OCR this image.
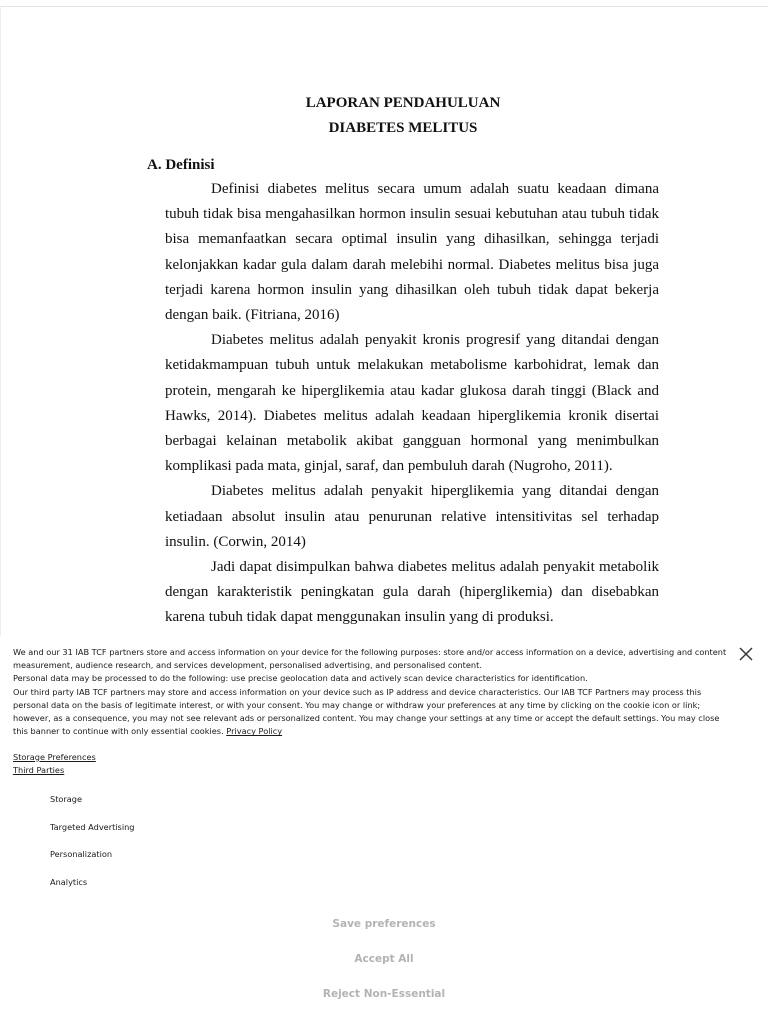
LAPORAN PENDAHULUAN
DIABETES MELITUS
A. Definisi

Definisi diabetes melitus secara umum adalah suatu keadaan dimana tubuh tidak bisa mengahasilkan hormon insulin sesuai kebutuhan atau tubuh tidak bisa memanfaatkan secara optimal insulin yang dihasilkan, sehingga terjadi kelonjakkan kadar gula dalam darah melebihi normal. Diabetes melitus bisa juga terjadi karena hormon insulin yang dihasilkan oleh tubuh tidak dapat bekerja dengan baik. (Fitriana, 2016)

Diabetes melitus adalah penyakit kronis progresif yang ditandai dengan ketidakmampuan tubuh untuk melakukan metabolisme karbohidrat, lemak dan protein, mengarah ke hiperglikemia atau kadar glukosa darah tinggi (Black and Hawks, 2014). Diabetes melitus adalah keadaan hiperglikemia kronik disertai berbagai kelainan metabolik akibat gangguan hormonal yang menimbulkan komplikasi pada mata, ginjal, saraf, dan pembuluh darah (Nugroho, 2011).

Diabetes melitus adalah penyakit hiperglikemia yang ditandai dengan ketiadaan absolut insulin atau penurunan relative intensitivitas sel terhadap insulin. (Corwin, 2014)

Jadi dapat disimpulkan bahwa diabetes melitus adalah penyakit metabolik dengan karakteristik peningkatan gula darah (hiperglikemia) dan disebabkan karena tubuh tidak dapat menggunakan insulin yang di produksi.

We and our 31 IAB TCF partners store and access information on your device for the following purposes: store and/or access information on a device, advertising and content measurement, audience research, and services development, personalised advertising, and personalised content.
Personal data may be processed to do the following: use precise geolocation data and actively scan device characteristics for identification.
Our third party IAB TCF partners may store and access information on your device such as IP address and device characteristics. Our IAB TCF Partners may process this personal data on the basis of legitimate interest, or with your consent. You may change or withdraw your preferences at any time by clicking on the cookie icon or link; however, as a consequence, you may not see relevant ads or personalized content. You may change your settings at any time or accept the default settings. You may close this banner to continue with only essential cookies. Privacy Policy
Storage Preferences
Third Parties
Storage
Targeted Advertising
Personalization
Analytics
Save preferences
Accept All
Reject Non-Essential
